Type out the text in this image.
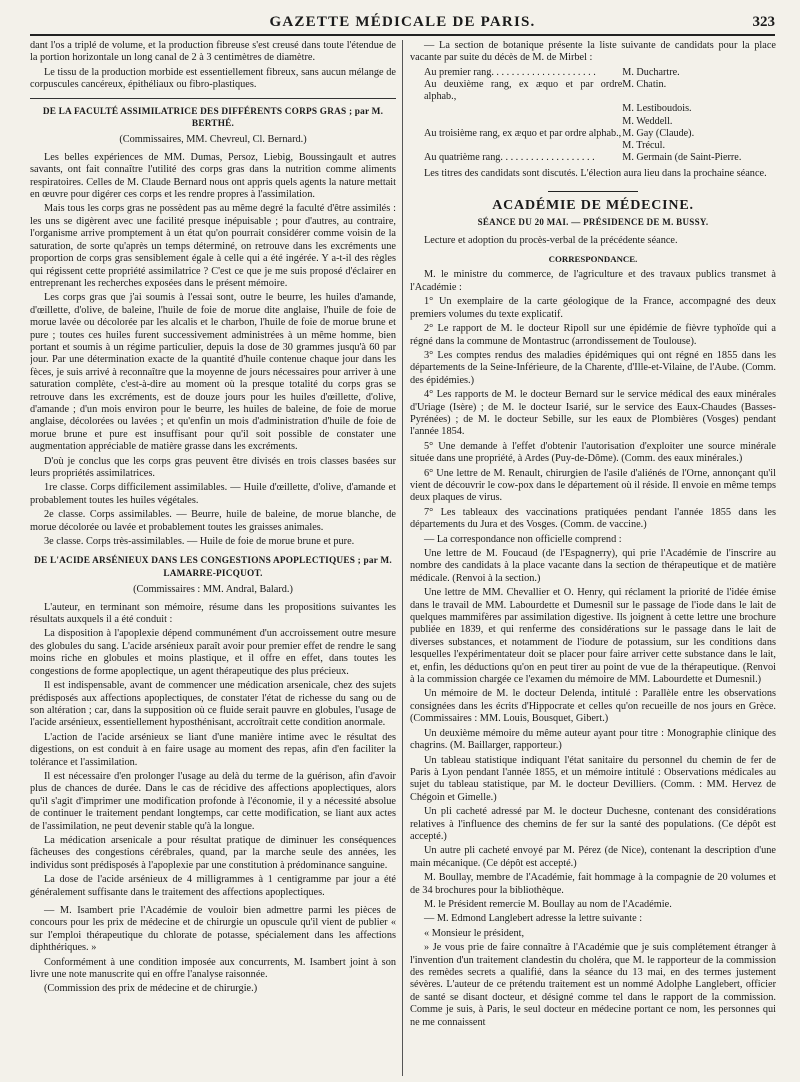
GAZETTE MÉDICALE DE PARIS.	323

dant l'os a triplé de volume, et la production fibreuse s'est creusé dans toute l'étendue de la portion horizontale un long canal de 2 à 3 centimètres de diamètre.

Le tissu de la production morbide est essentiellement fibreux, sans aucun mélange de corpuscules cancéreux, épithéliaux ou fibro-plastiques.

DE LA FACULTÉ ASSIMILATRICE DES DIFFÉRENTS CORPS GRAS ; par M. BERTHÉ.

(Commissaires, MM. Chevreul, Cl. Bernard.)

Les belles expériences de MM. Dumas, Persoz, Liebig, Boussingault et autres savants, ont fait connaître l'utilité des corps gras dans la nutrition comme aliments respiratoires. Celles de M. Claude Bernard nous ont appris quels agents la nature mettait en œuvre pour digérer ces corps et les rendre propres à l'assimilation.

Mais tous les corps gras ne possèdent pas au même degré la faculté d'être assimilés : les uns se digèrent avec une facilité presque inépuisable ; pour d'autres, au contraire, l'organisme arrive promptement à un état qu'on pourrait considérer comme voisin de la saturation, de sorte qu'après un temps déterminé, on retrouve dans les excréments une proportion de corps gras sensiblement égale à celle qui a été ingérée. Y a-t-il des règles qui régissent cette propriété assimilatrice ? C'est ce que je me suis proposé d'éclairer en entreprenant les recherches exposées dans le présent mémoire.

Les corps gras que j'ai soumis à l'essai sont, outre le beurre, les huiles d'amande, d'œillette, d'olive, de baleine, l'huile de foie de morue dite anglaise, l'huile de foie de morue lavée ou décolorée par les alcalis et le charbon, l'huile de foie de morue brune et pure ; toutes ces huiles furent successivement administrées à un même homme, bien portant et soumis à un régime particulier, depuis la dose de 30 grammes jusqu'à 60 par jour. Par une détermination exacte de la quantité d'huile contenue chaque jour dans les fèces, je suis arrivé à reconnaître que la moyenne de jours nécessaires pour arriver à une saturation complète, c'est-à-dire au moment où la presque totalité du corps gras se retrouve dans les excréments, est de douze jours pour les huiles d'œillette, d'olive, d'amande ; d'un mois environ pour le beurre, les huiles de baleine, de foie de morue anglaise, décolorées ou lavées ; et qu'enfin un mois d'administration d'huile de foie de morue brune et pure est insuffisant pour qu'il soit possible de constater une augmentation appréciable de matière grasse dans les excréments.

D'où je conclus que les corps gras peuvent être divisés en trois classes basées sur leurs propriétés assimilatrices.

1re classe. Corps difficilement assimilables. — Huile d'œillette, d'olive, d'amande et probablement toutes les huiles végétales.

2e classe. Corps assimilables. — Beurre, huile de baleine, de morue blanche, de morue décolorée ou lavée et probablement toutes les graisses animales.

3e classe. Corps très-assimilables. — Huile de foie de morue brune et pure.

DE L'ACIDE ARSÉNIEUX DANS LES CONGESTIONS APOPLECTIQUES ; par M. LAMARRE-PICQUOT.

(Commissaires : MM. Andral, Balard.)

L'auteur, en terminant son mémoire, résume dans les propositions suivantes les résultats auxquels il a été conduit :

La disposition à l'apoplexie dépend communément d'un accroissement outre mesure des globules du sang. L'acide arsénieux paraît avoir pour premier effet de rendre le sang moins riche en globules et moins plastique, et il offre en effet, dans toutes les congestions de forme apoplectique, un agent thérapeutique des plus précieux.

Il est indispensable, avant de commencer une médication arsenicale, chez des sujets prédisposés aux affections apoplectiques, de constater l'état de richesse du sang ou de son altération ; car, dans la supposition où ce fluide serait pauvre en globules, l'usage de l'acide arsénieux, essentiellement hyposthénisant, accroîtrait cette condition anormale.

L'action de l'acide arsénieux se liant d'une manière intime avec le résultat des digestions, on est conduit à en faire usage au moment des repas, afin d'en faciliter la tolérance et l'assimilation.

Il est nécessaire d'en prolonger l'usage au delà du terme de la guérison, afin d'avoir plus de chances de durée. Dans le cas de récidive des affections apoplectiques, alors qu'il s'agit d'imprimer une modification profonde à l'économie, il y a nécessité absolue de continuer le traitement pendant longtemps, car cette modification, se liant aux actes de l'assimilation, ne peut devenir stable qu'à la longue.

La médication arsenicale a pour résultat pratique de diminuer les conséquences fâcheuses des congestions cérébrales, quand, par la marche seule des années, les individus sont prédisposés à l'apoplexie par une constitution à prédominance sanguine.

La dose de l'acide arsénieux de 4 milligrammes à 1 centigramme par jour a été généralement suffisante dans le traitement des affections apoplectiques.

— M. Isambert prie l'Académie de vouloir bien admettre parmi les pièces de concours pour les prix de médecine et de chirurgie un opuscule qu'il vient de publier « sur l'emploi thérapeutique du chlorate de potasse, spécialement dans les affections diphthériques. »

Conformément à une condition imposée aux concurrents, M. Isambert joint à son livre une note manuscrite qui en offre l'analyse raisonnée.

(Commission des prix de médecine et de chirurgie.)

— La section de botanique présente la liste suivante de candidats pour la place vacante par suite du décès de M. de Mirbel :

Au premier rang. . . . . . . . . . . . . . . . . . . . .	M. Duchartre.
Au deuxième rang, ex æquo et par ordre alphab.,	M. Chatin.
	M. Lestiboudois.
	M. Weddell.
Au troisième rang, ex æquo et par ordre alphab.,	M. Gay (Claude).
	M. Trécul.
Au quatrième rang. . . . . . . . . . . . . . . . . . .	M. Germain (de Saint-Pierre.

Les titres des candidats sont discutés. L'élection aura lieu dans la prochaine séance.

ACADÉMIE DE MÉDECINE.

SÉANCE DU 20 MAI. — PRÉSIDENCE DE M. BUSSY.

Lecture et adoption du procès-verbal de la précédente séance.

CORRESPONDANCE.

M. le ministre du commerce, de l'agriculture et des travaux publics transmet à l'Académie :

1° Un exemplaire de la carte géologique de la France, accompagné des deux premiers volumes du texte explicatif.

2° Le rapport de M. le docteur Ripoll sur une épidémie de fièvre typhoïde qui a régné dans la commune de Montastruc (arrondissement de Toulouse).

3° Les comptes rendus des maladies épidémiques qui ont régné en 1855 dans les départements de la Seine-Inférieure, de la Charente, d'Ille-et-Vilaine, de l'Aube. (Comm. des épidémies.)

4° Les rapports de M. le docteur Bernard sur le service médical des eaux minérales d'Uriage (Isère) ; de M. le docteur Isarié, sur le service des Eaux-Chaudes (Basses-Pyrénées) ; de M. le docteur Sebille, sur les eaux de Plombières (Vosges) pendant l'année 1854.

5° Une demande à l'effet d'obtenir l'autorisation d'exploiter une source minérale située dans une propriété, à Ardes (Puy-de-Dôme). (Comm. des eaux minérales.)

6° Une lettre de M. Renault, chirurgien de l'asile d'aliénés de l'Orne, annonçant qu'il vient de découvrir le cow-pox dans le département où il réside. Il envoie en même temps deux plaques de virus.

7° Les tableaux des vaccinations pratiquées pendant l'année 1855 dans les départements du Jura et des Vosges. (Comm. de vaccine.)

— La correspondance non officielle comprend :

Une lettre de M. Foucaud (de l'Espagnerry), qui prie l'Académie de l'inscrire au nombre des candidats à la place vacante dans la section de thérapeutique et de matière médicale. (Renvoi à la section.)

Une lettre de MM. Chevallier et O. Henry, qui réclament la priorité de l'idée émise dans le travail de MM. Labourdette et Dumesnil sur le passage de l'iode dans le lait de quelques mammifères par assimilation digestive. Ils joignent à cette lettre une brochure publiée en 1839, et qui renferme des considérations sur le passage dans le lait de diverses substances, et notamment de l'iodure de potassium, sur les conditions dans lesquelles l'expérimentateur doit se placer pour faire arriver cette substance dans le lait, et, enfin, les déductions qu'on en peut tirer au point de vue de la thérapeutique. (Renvoi à la commission chargée ce l'examen du mémoire de MM. Labourdette et Dumesnil.)

Un mémoire de M. le docteur Delenda, intitulé : Parallèle entre les observations consignées dans les écrits d'Hippocrate et celles qu'on recueille de nos jours en Grèce. (Commissaires : MM. Louis, Bousquet, Gibert.)

Un deuxième mémoire du même auteur ayant pour titre : Monographie clinique des chagrins. (M. Baillarger, rapporteur.)

Un tableau statistique indiquant l'état sanitaire du personnel du chemin de fer de Paris à Lyon pendant l'année 1855, et un mémoire intitulé : Observations médicales au sujet du tableau statistique, par M. le docteur Devilliers. (Comm. : MM. Hervez de Chégoin et Gimelle.)

Un pli cacheté adressé par M. le docteur Duchesne, contenant des considérations relatives à l'influence des chemins de fer sur la santé des populations. (Ce dépôt est accepté.)

Un autre pli cacheté envoyé par M. Pérez (de Nice), contenant la description d'une main mécanique. (Ce dépôt est accepté.)

M. Boullay, membre de l'Académie, fait hommage à la compagnie de 20 volumes et de 34 brochures pour la bibliothèque.

M. le Président remercie M. Boullay au nom de l'Académie.

— M. Edmond Langlebert adresse la lettre suivante :

« Monsieur le président,

» Je vous prie de faire connaître à l'Académie que je suis complétement étranger à l'invention d'un traitement clandestin du choléra, que M. le rapporteur de la commission des remèdes secrets a qualifié, dans la séance du 13 mai, en des termes justement sévères. L'auteur de ce prétendu traitement est un nommé Adolphe Langlebert, officier de santé se disant docteur, et désigné comme tel dans le rapport de la commission. Comme je suis, à Paris, le seul docteur en médecine portant ce nom, les personnes qui ne me connaissent
